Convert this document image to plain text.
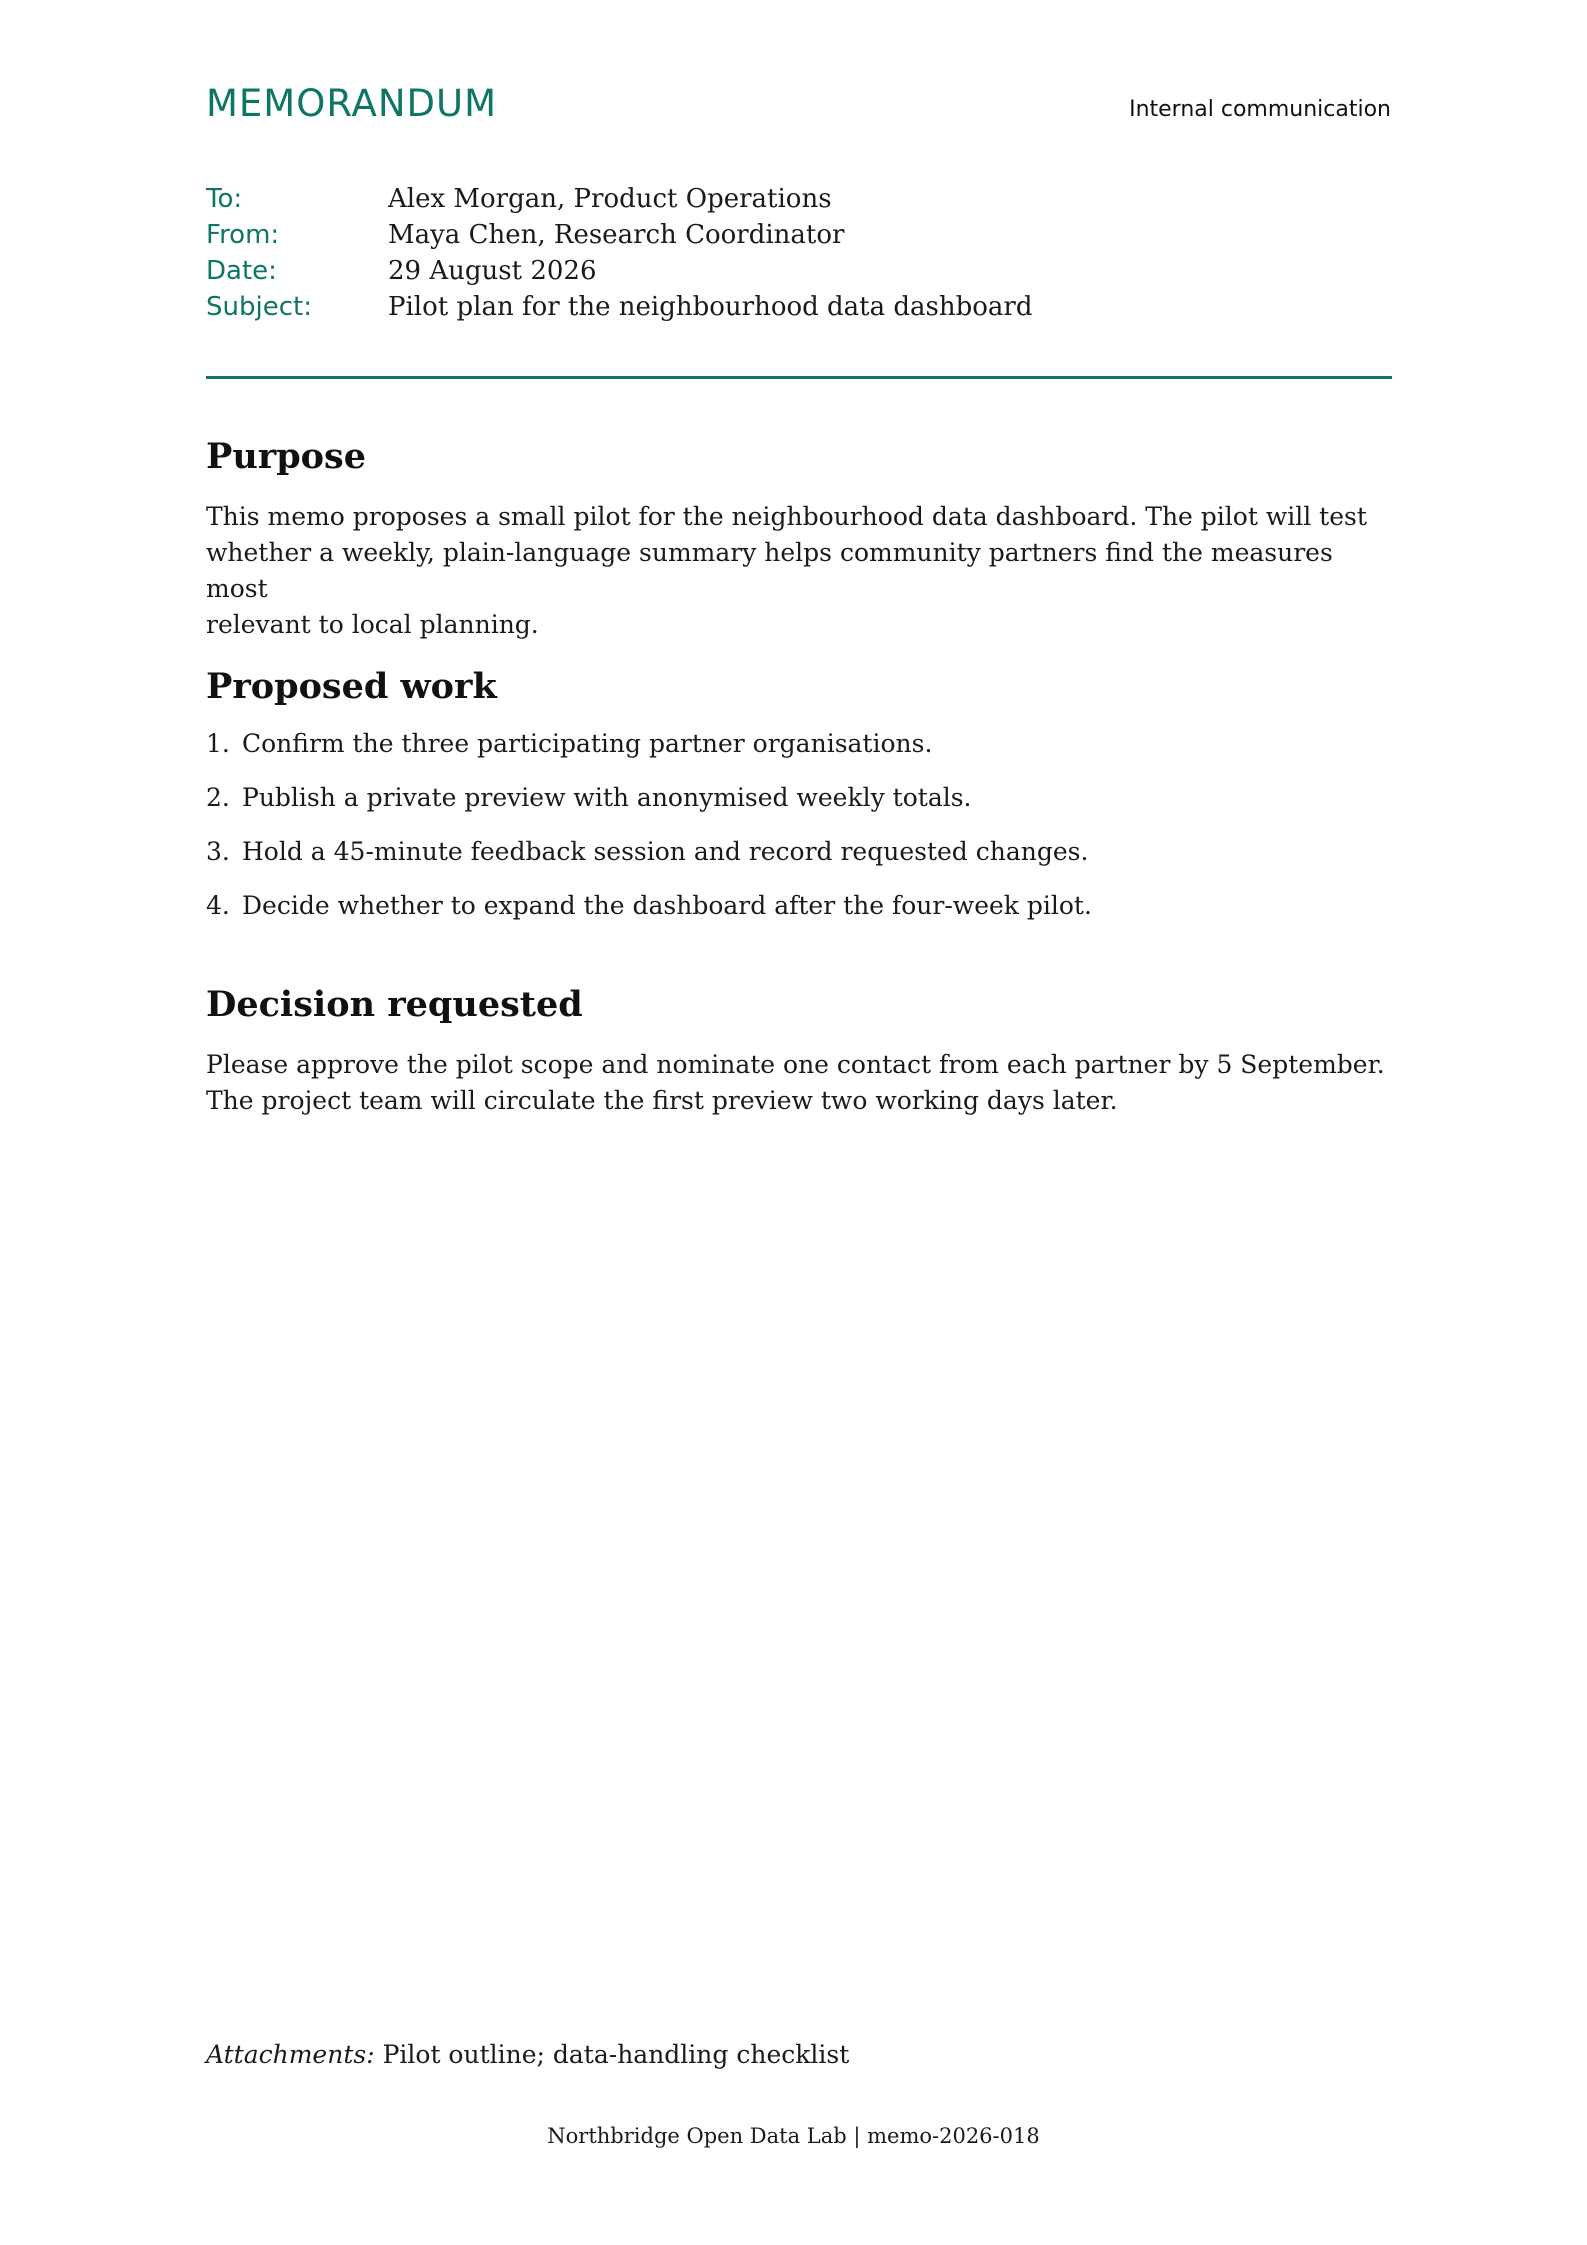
MEMORANDUM	Internal communication
To:	Alex Morgan, Product Operations
From:	Maya Chen, Research Coordinator
Date:	29 August 2026
Subject:	Pilot plan for the neighbourhood data dashboard
Purpose

This memo proposes a small pilot for the neighbourhood data dashboard. The pilot will test

whether a weekly, plain-language summary helps community partners find the measures most

relevant to local planning.

Proposed work
1. Confirm the three participating partner organisations.
2. Publish a private preview with anonymised weekly totals.
3. Hold a 45-minute feedback session and record requested changes.
4. Decide whether to expand the dashboard after the four-week pilot.
Decision requested

Please approve the pilot scope and nominate one contact from each partner by 5 September.

The project team will circulate the first preview two working days later.

Attachments: Pilot outline; data-handling checklist
Northbridge Open Data Lab | memo-2026-018
